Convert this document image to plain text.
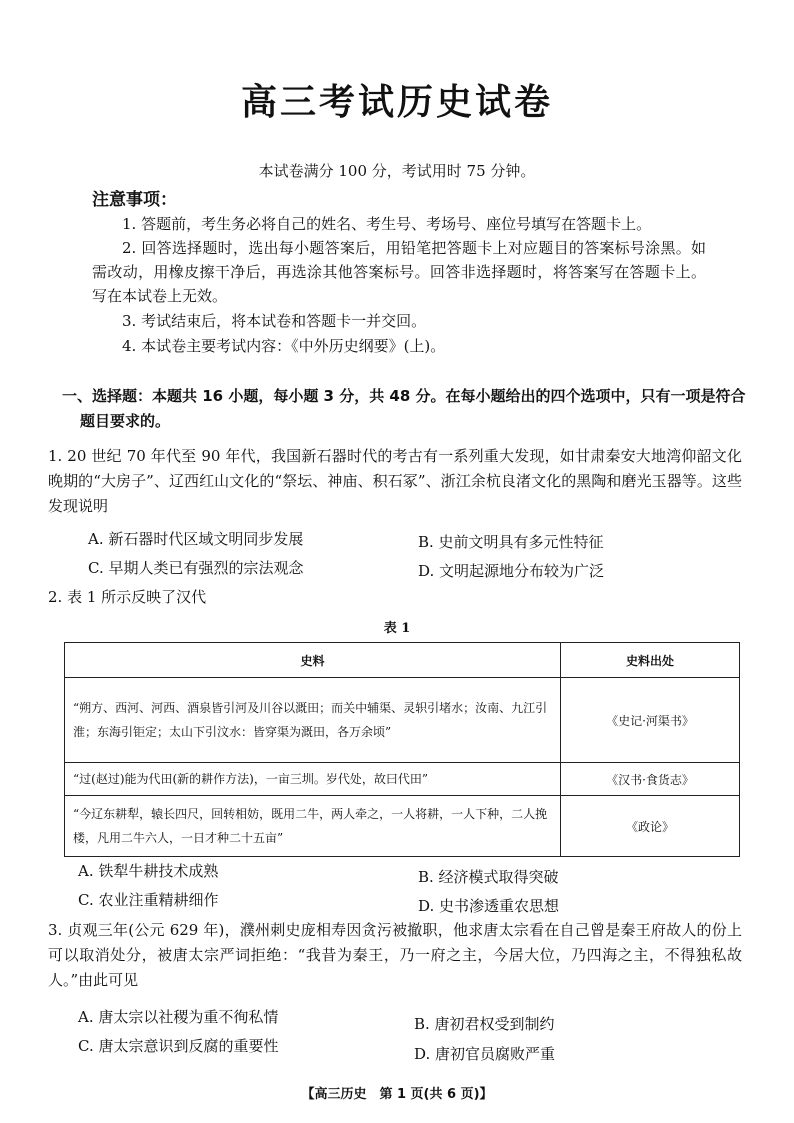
高三考试历史试卷
本试卷满分 100 分，考试用时 75 分钟。
注意事项：
1. 答题前，考生务必将自己的姓名、考生号、考场号、座位号填写在答题卡上。
2. 回答选择题时，选出每小题答案后，用铅笔把答题卡上对应题目的答案标号涂黑。如需改动，用橡皮擦干净后，再选涂其他答案标号。回答非选择题时，将答案写在答题卡上。写在本试卷上无效。
3. 考试结束后，将本试卷和答题卡一并交回。
4. 本试卷主要考试内容：《中外历史纲要》(上)。
一、选择题：本题共 16 小题，每小题 3 分，共 48 分。在每小题给出的四个选项中，只有一项是符合题目要求的。
1. 20 世纪 70 年代至 90 年代，我国新石器时代的考古有一系列重大发现，如甘肃秦安大地湾仰韶文化晚期的“大房子”、辽西红山文化的“祭坛、神庙、积石冢”、浙江余杭良渚文化的黑陶和磨光玉器等。这些发现说明
A. 新石器时代区域文明同步发展	B. 史前文明具有多元性特征
C. 早期人类已有强烈的宗法观念	D. 文明起源地分布较为广泛
2. 表 1 所示反映了汉代
表 1
史料	史料出处
“朔方、西河、河西、酒泉皆引河及川谷以溉田；而关中辅渠、灵轵引堵水；汝南、九江引淮；东海引钜定；太山下引汶水：皆穿渠为溉田，各万余顷”	《史记·河渠书》
“过(赵过)能为代田(新的耕作方法)，一亩三圳。岁代处，故曰代田”	《汉书·食货志》
“今辽东耕犁，辕长四尺，回转相妨，既用二牛，两人牵之，一人将耕，一人下种，二人挽楼，凡用二牛六人，一日才种二十五亩”	《政论》
A. 铁犁牛耕技术成熟	B. 经济模式取得突破
C. 农业注重精耕细作	D. 史书渗透重农思想
3. 贞观三年(公元 629 年)，濮州刺史庞相寿因贪污被撤职，他求唐太宗看在自己曾是秦王府故人的份上可以取消处分，被唐太宗严词拒绝：“我昔为秦王，乃一府之主，今居大位，乃四海之主，不得独私故人。”由此可见
A. 唐太宗以社稷为重不徇私情	B. 唐初君权受到制约
C. 唐太宗意识到反腐的重要性	D. 唐初官员腐败严重
【高三历史　第 1 页(共 6 页)】
